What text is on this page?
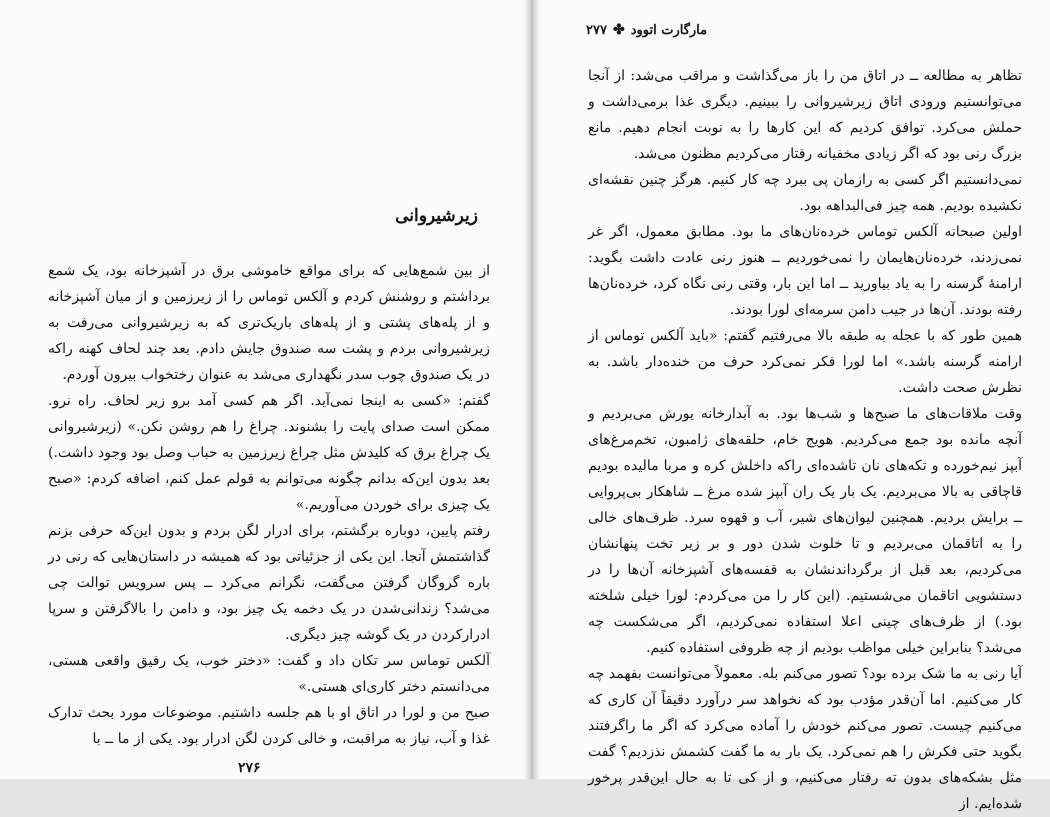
زیرشیروانی

از بین شمع‌هایی که برای مواقع خاموشی برق در آشپزخانه بود، یک شمع برداشتم و روشنش کردم و آلکس توماس را از زیرزمین و از میان آشپزخانه و از پله‌های پشتی و از پله‌های باریک‌تری که به زیرشیروانی می‌رفت به زیرشیروانی بردم و پشت سه صندوق جایش دادم. بعد چند لحاف کهنه راکه در یک صندوق چوب سدر نگهداری می‌شد به عنوان رختخواب بیرون آوردم.

گفتم: «کسی به اینجا نمی‌آید. اگر هم کسی آمد برو زیر لحاف. راه نرو. ممکن است صدای پایت را بشنوند. چراغ را هم روشن نکن.» (زیرشیروانی یک چراغ برق که کلیدش مثل چراغ زیرزمین به حباب وصل بود وجود داشت.) بعد بدون این‌که بدانم چگونه می‌توانم به قولم عمل کنم، اضافه کردم: «صبح یک چیزی برای خوردن می‌آوریم.»

رفتم پایین، دوباره برگشتم، برای ادرار لگن بردم و بدون این‌که حرفی بزنم گذاشتمش آنجا. این یکی از جزئیاتی بود که همیشه در داستان‌هایی که رنی در باره گروگان گرفتن می‌گفت، نگرانم می‌کرد ــ پس سرویس توالت چی می‌شد؟ زندانی‌شدن در یک دخمه یک چیز بود، و دامن را بالاگرفتن و سرپا ادرارکردن در یک گوشه چیز دیگری.

آلکس توماس سر تکان داد و گفت: «دختر خوب، یک رفیق واقعی هستی، می‌دانستم دختر کاری‌ای هستی.»

صبح من و لورا در اتاق او با هم جلسه داشتیم. موضوعات مورد بحث تدارک غذا و آب، نیاز به مراقبت، و خالی کردن لگن ادرار بود. یکی از ما ــ با

۲۷۶
مارگارت اتوود
✤
۲۷۷

تظاهر به مطالعه ــ در اتاق من را باز می‌گذاشت و مراقب می‌شد: از آنجا می‌توانستیم ورودی اتاق زیرشیروانی را ببینیم. دیگری غذا برمی‌داشت و حملش می‌کرد. توافق کردیم که این کارها را به نوبت انجام دهیم. مانع بزرگ رنی بود که اگر زیادی مخفیانه رفتار می‌کردیم مظنون می‌شد.

نمی‌دانستیم اگر کسی به رازمان پی ببرد چه کار کنیم. هرگز چنین نقشه‌ای نکشیده بودیم. همه چیز فی‌البداهه بود.

اولین صبحانه آلکس توماس خرده‌نان‌های ما بود. مطابق معمول، اگر غر نمی‌زدند، خرده‌نان‌هایمان را نمی‌خوردیم ــ هنوز رنی عادت داشت بگوید: ارامنهٔ گرسنه را به یاد بیاورید ــ اما این بار، وقتی رنی نگاه کرد، خرده‌نان‌ها رفته بودند. آن‌ها در جیب دامن سرمه‌ای لورا بودند.

همین طور که با عجله به طبقه بالا می‌رفتیم گفتم: «باید آلکس توماس از ارامنه گرسنه باشد.» اما لورا فکر نمی‌کرد حرف من خنده‌دار باشد. به نظرش صحت داشت.

وقت ملاقات‌های ما صبح‌ها و شب‌ها بود. به آبدارخانه یورش می‌بردیم و آنچه مانده بود جمع می‌کردیم. هویج خام، حلقه‌های ژامبون، تخم‌مرغ‌های آبپز نیم‌خورده و تکه‌های نان تاشده‌ای راکه داخلش کره و مربا مالیده بودیم قاچاقی به بالا می‌بردیم. یک بار یک ران آبپز شده مرغ ــ شاهکار بی‌پروایی ــ برایش بردیم. همچنین لیوان‌های شیر، آب و قهوه سرد. ظرف‌های خالی را به اتاقمان می‌بردیم و تا خلوت شدن دور و بر زیر تخت پنهانشان می‌کردیم، بعد قبل از برگرداندنشان به قفسه‌های آشپزخانه آن‌ها را در دستشویی اتاقمان می‌شستیم. (این کار را من می‌کردم: لورا خیلی شلخته بود.) از ظرف‌های چینی اعلا استفاده نمی‌کردیم، اگر می‌شکست چه می‌شد؟ بنابراین خیلی مواظب بودیم از چه ظروفی استفاده کنیم.

آیا رنی به ما شک برده بود؟ تصور می‌کنم بله. معمولاً می‌توانست بفهمد چه کار می‌کنیم. اما آن‌قدر مؤدب بود که نخواهد سر درآورد دقیقاً آن کاری که می‌کنیم چیست. تصور می‌کنم خودش را آماده می‌کرد که اگر ما راگرفتند بگوید حتی فکرش را هم نمی‌کرد. یک بار به ما گفت کشمش نذزدیم؟ گفت مثل بشکه‌های بدون ته رفتار می‌کنیم، و از کی تا به حال این‌قدر پرخور شده‌ایم. از
